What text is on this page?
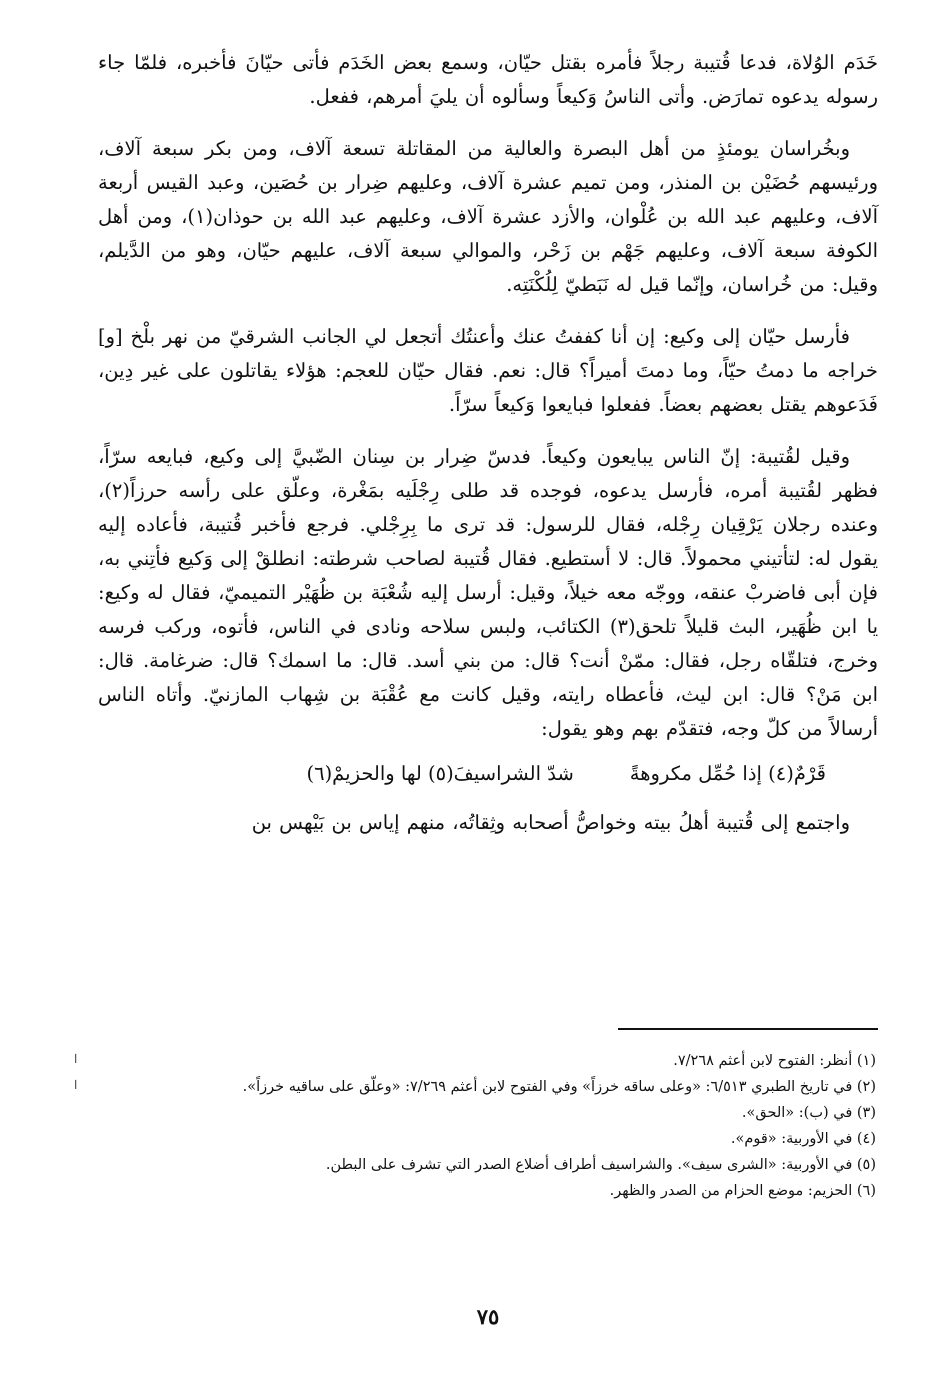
خَدَم الوُلاة، فدعا قُتيبة رجلاً فأمره بقتل حيّان، وسمع بعض الخَدَم فأتى حيّانَ فأخبره، فلمّا جاء رسوله يدعوه تمارَض. وأتى الناسُ وَكيعاً وسألوه أن يليَ أمرهم، ففعل.

وبخُراسان يومئذٍ من أهل البصرة والعالية من المقاتلة تسعة آلاف، ومن بكر سبعة آلاف، ورئيسهم حُضَيْن بن المنذر، ومن تميم عشرة آلاف، وعليهم ضِرار بن حُصَين، وعبد القيس أربعة آلاف، وعليهم عبد الله بن عُلْوان، والأزد عشرة آلاف، وعليهم عبد الله بن حوذان(١)، ومن أهل الكوفة سبعة آلاف، وعليهم جَهْم بن زَحْر، والموالي سبعة آلاف، عليهم حيّان، وهو من الدَّيلم، وقيل: من خُراسان، وإنّما قيل له نَبَطيّ لِلُكْنَتِه.

فأرسل حيّان إلى وكيع: إن أنا كففتُ عنك وأعنتُك أتجعل لي الجانب الشرقيّ من نهر بلْخ [و] خراجه ما دمتُ حيّاً، وما دمتَ أميراً؟ قال: نعم. فقال حيّان للعجم: هؤلاء يقاتلون على غير دِين، فَدَعوهم يقتل بعضهم بعضاً. ففعلوا فبايعوا وَكيعاً سرّاً.

وقيل لقُتيبة: إنّ الناس يبايعون وكيعاً. فدسّ ضِرار بن سِنان الضّبيَّ إلى وكيع، فبايعه سرّاً، فظهر لقُتيبة أمره، فأرسل يدعوه، فوجده قد طلى رِجْلَيه بمَغْرة، وعلّق على رأسه حرزاً(٢)، وعنده رجلان يَرْقِيان رِجْله، فقال للرسول: قد ترى ما بِرِجْلي. فرجع فأخبر قُتيبة، فأعاده إليه يقول له: لتأتيني محمولاً. قال: لا أستطيع. فقال قُتيبة لصاحب شرطته: انطلقْ إلى وَكيع فأتِني به، فإن أبى فاضربْ عنقه، ووجّه معه خيلاً، وقيل: أرسل إليه شُعْبَة بن ظُهَيْر التميميّ، فقال له وكيع: يا ابن ظُهَير، البث قليلاً تلحق(٣) الكتائب، ولبس سلاحه ونادى في الناس، فأتوه، وركب فرسه وخرج، فتلقّاه رجل، فقال: ممّنْ أنت؟ قال: من بني أسد. قال: ما اسمك؟ قال: ضرغامة. قال: ابن مَنْ؟ قال: ابن ليث، فأعطاه رايته، وقيل كانت مع عُقْبَة بن شِهاب المازنيّ. وأتاه الناس أرسالاً من كلّ وجه، فتقدّم بهم وهو يقول:

قَرْمٌ(٤) إذا حُمِّل مكروهةً
شدّ الشراسيفَ(٥) لها والحزيمْ(٦)

واجتمع إلى قُتيبة أهلُ بيته وخواصُّ أصحابه وثِقاتُه، منهم إياس بن بَيْهس بن

(١) أنظر: الفتوح لابن أعثم ٧/٢٦٨.

(٢) في تاريخ الطبري ٦/٥١٣: «وعلى ساقه خرزاً» وفي الفتوح لابن أعثم ٧/٢٦٩: «وعلّق على ساقيه خرزاً».

(٣) في (ب): «الحق».

(٤) في الأوربية: «قوم».

(٥) في الأوربية: «الشرى سيف». والشراسيف أطراف أضلاع الصدر التي تشرف على البطن.

(٦) الحزيم: موضع الحزام من الصدر والظهر.

٧٥
ا
ا
